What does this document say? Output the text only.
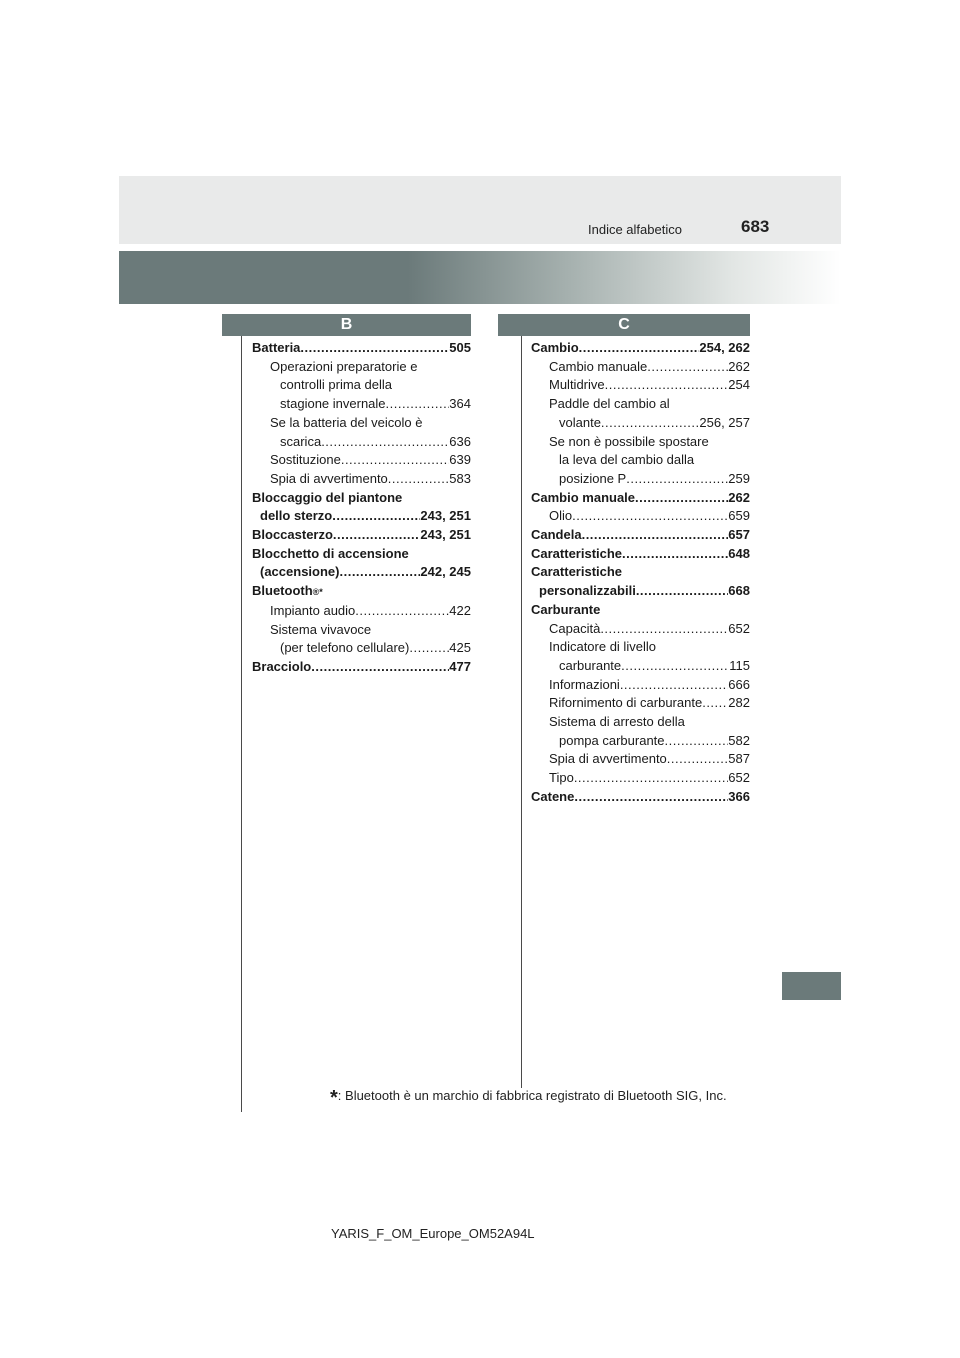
Indice alfabetico	683
B	C
Batteria .....	505
Operazioni preparatorie e
controlli prima della
stagione invernale .....	364
Se la batteria del veicolo è
scarica .....	636
Sostituzione .....	639
Spia di avvertimento .....	583
Bloccaggio del piantone
dello sterzo .....	243, 251
Bloccasterzo .....	243, 251
Blocchetto di accensione
(accensione) .....	242, 245
Bluetooth ®*
Impianto audio .....	422
Sistema vivavoce
(per telefono cellulare) .....	425
Bracciolo .....	477
Cambio .....	254, 262
Cambio manuale .....	262
Multidrive .....	254
Paddle del cambio al
volante .....	256, 257
Se non è possibile spostare
la leva del cambio dalla
posizione P .....	259
Cambio manuale .....	262
Olio .....	659
Candela .....	657
Caratteristiche .....	648
Caratteristiche
personalizzabili .....	668
Carburante
Capacità .....	652
Indicatore di livello
carburante .....	115
Informazioni .....	666
Rifornimento di carburante ..... 282
Sistema di arresto della
pompa carburante .....	582
Spia di avvertimento .....	587
Tipo .....	652
Catene .....	366
*: Bluetooth è un marchio di fabbrica registrato di Bluetooth SIG, Inc.
YARIS_F_OM_Europe_OM52A94L
